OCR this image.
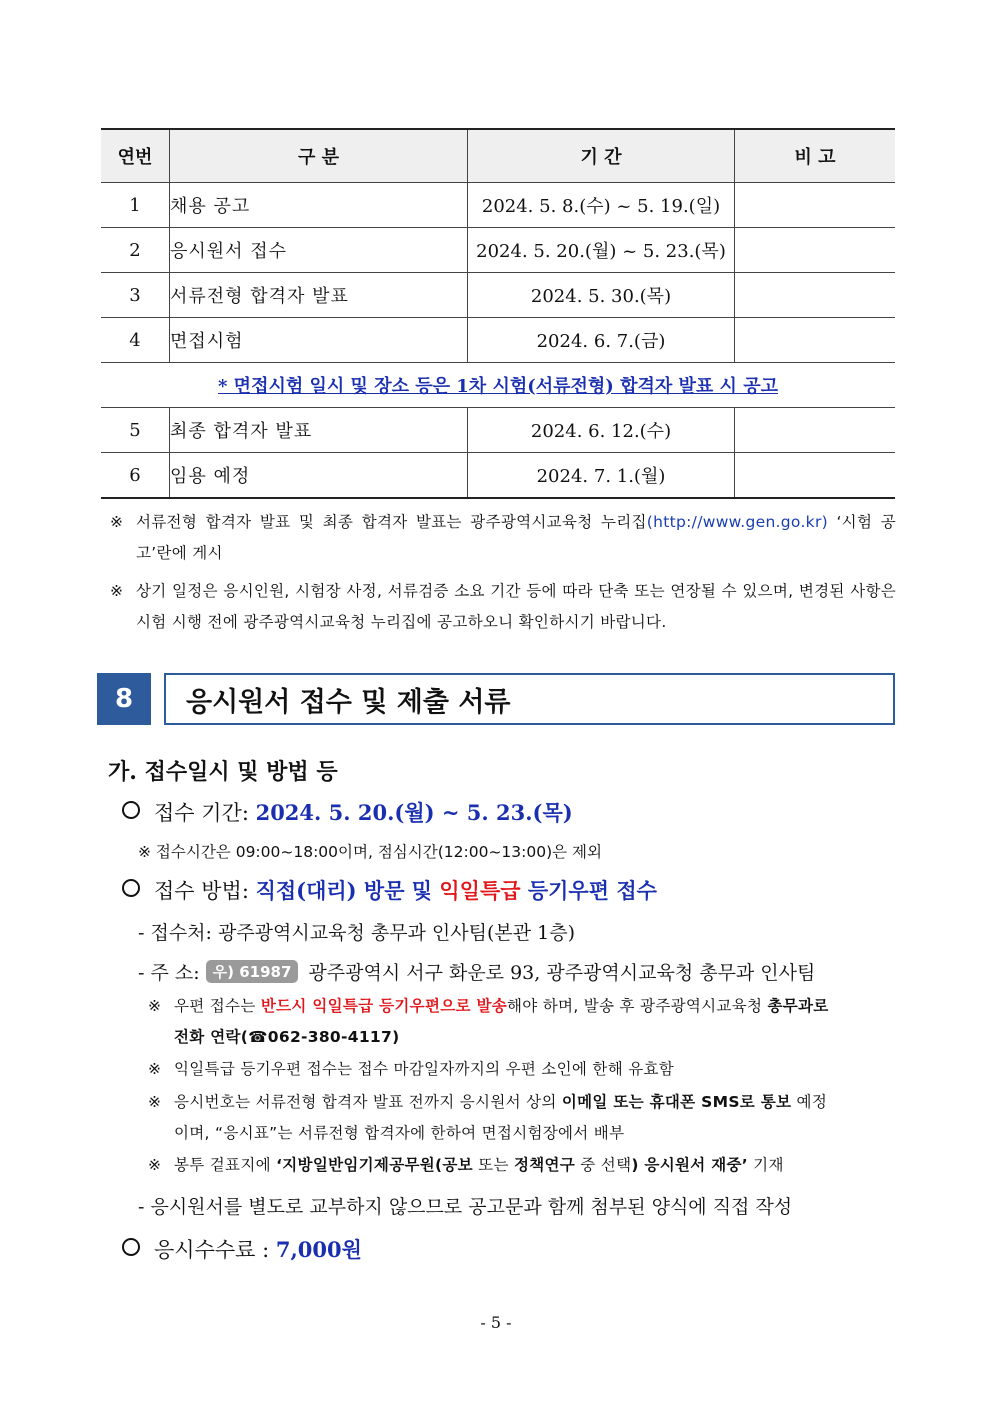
연번	구 분	기 간	비 고
1	채용 공고	2024. 5. 8.(수) ~ 5. 19.(일)	
2	응시원서 접수	2024. 5. 20.(월) ~ 5. 23.(목)	
3	서류전형 합격자 발표	2024. 5. 30.(목)	
4	면접시험	2024. 6. 7.(금)	
* 면접시험 일시 및 장소 등은 1차 시험(서류전형) 합격자 발표 시 공고			
5	최종 합격자 발표	2024. 6. 12.(수)	
6	임용 예정	2024. 7. 1.(월)	
※ 서류전형 합격자 발표 및 최종 합격자 발표는 광주광역시교육청 누리집(http://www.gen.go.kr) ‘시험 공고’란에 게시
※ 상기 일정은 응시인원, 시험장 사정, 서류검증 소요 기간 등에 따라 단축 또는 연장될 수 있으며, 변경된 사항은 시험 시행 전에 광주광역시교육청 누리집에 공고하오니 확인하시기 바랍니다.
8	응시원서 접수 및 제출 서류
가. 접수일시 및 방법 등
접수 기간: 2024. 5. 20.(월) ~ 5. 23.(목)
※ 접수시간은 09:00~18:00이며, 점심시간(12:00~13:00)은 제외
접수 방법: 직접(대리) 방문 및 익일특급 등기우편 접수
- 접수처: 광주광역시교육청 총무과 인사팀(본관 1층)
- 주 소: 우) 61987 광주광역시 서구 화운로 93, 광주광역시교육청 총무과 인사팀
※ 우편 접수는 반드시 익일특급 등기우편으로 발송해야 하며, 발송 후 광주광역시교육청 총무과로
전화 연락(☎062-380-4117)
※ 익일특급 등기우편 접수는 접수 마감일자까지의 우편 소인에 한해 유효함
※ 응시번호는 서류전형 합격자 발표 전까지 응시원서 상의 이메일 또는 휴대폰 SMS로 통보 예정
이며, “응시표”는 서류전형 합격자에 한하여 면접시험장에서 배부
※ 봉투 겉표지에 ‘지방일반임기제공무원(공보 또는 정책연구 중 선택) 응시원서 재중’ 기재
- 응시원서를 별도로 교부하지 않으므로 공고문과 함께 첨부된 양식에 직접 작성
응시수수료 : 7,000원
- 5 -
